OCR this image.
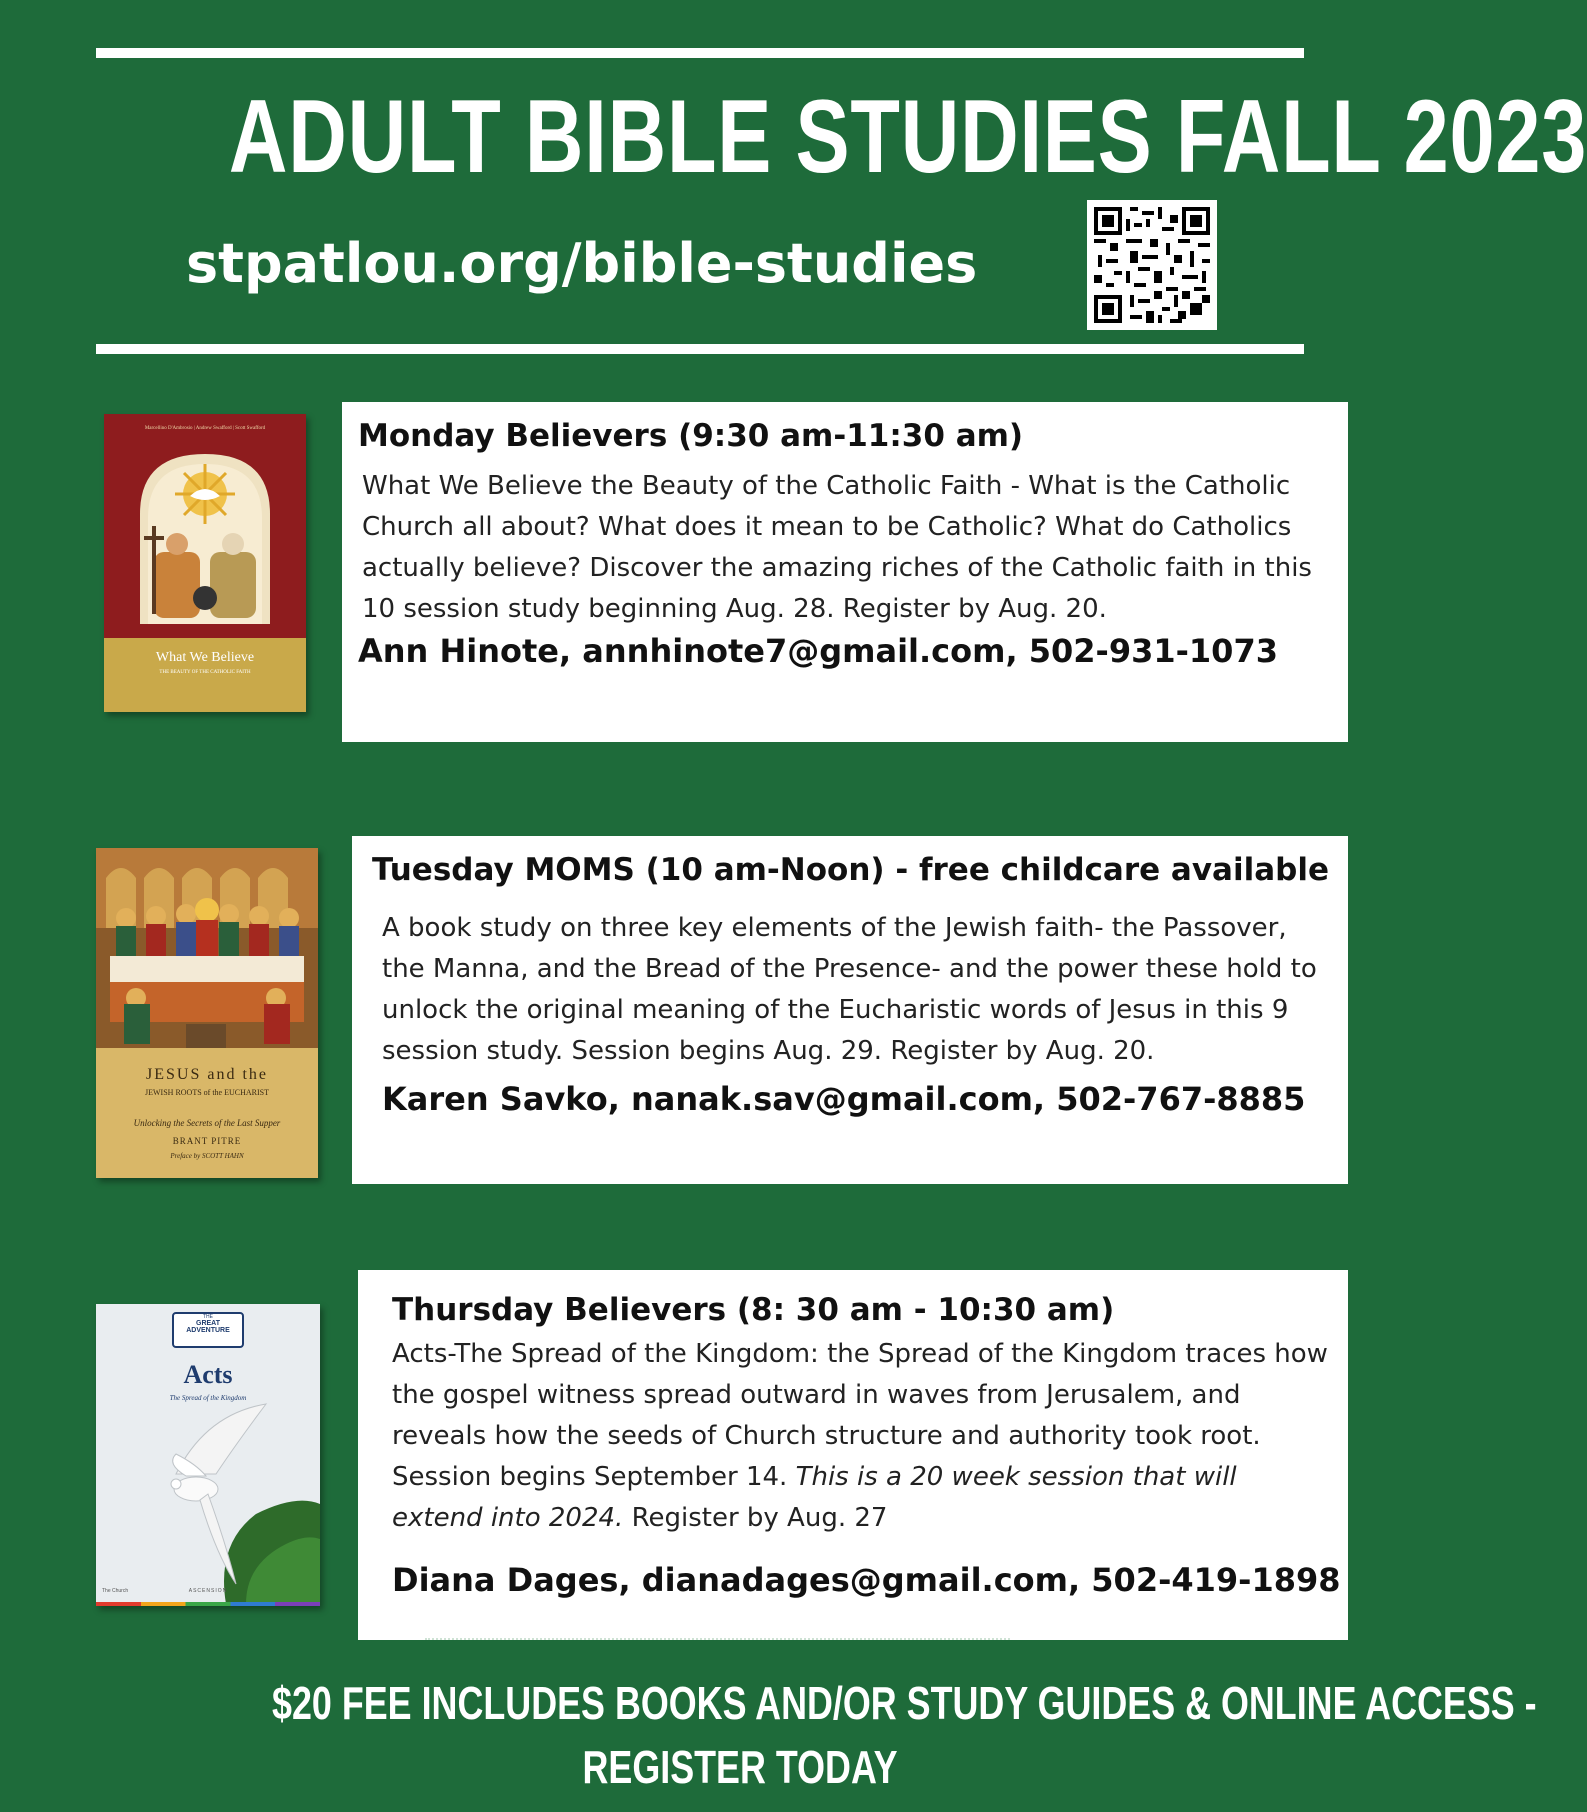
ADULT BIBLE STUDIES FALL 2023
stpatlou.org/bible-studies
Marcellino D'Ambrosio | Andrew Swafford | Scott Swafford
What We Believe
THE BEAUTY OF THE CATHOLIC FAITH
Monday Believers (9:30 am-11:30 am)

What We Believe the Beauty of the Catholic Faith - What is the Catholic Church all about? What does it mean to be Catholic? What do Catholics actually believe? Discover the amazing riches of the Catholic faith in this 10 session study beginning Aug. 28. Register by Aug. 20.

Ann Hinote, annhinote7@gmail.com, 502-931-1073

JESUS and the
JEWISH ROOTS of the EUCHARIST
Unlocking the Secrets of the Last Supper
BRANT PITRE
Preface by SCOTT HAHN
Tuesday MOMS (10 am-Noon) - free childcare available

A book study on three key elements of the Jewish faith- the Passover, the Manna, and the Bread of the Presence- and the power these hold to unlock the original meaning of the Eucharistic words of Jesus in this 9 session study. Session begins Aug. 29. Register by Aug. 20.

Karen Savko, nanak.sav@gmail.com, 502-767-8885

THE
GREAT
ADVENTURE
Acts
The Spread of the Kingdom
The Church	ASCENSION
Thursday Believers (8: 30 am - 10:30 am)

Acts-The Spread of the Kingdom: the Spread of the Kingdom traces how the gospel witness spread outward in waves from Jerusalem, and reveals how the seeds of Church structure and authority took root. Session begins September 14. This is a 20 week session that will extend into 2024. Register by Aug. 27

Diana Dages, dianadages@gmail.com, 502-419-1898

$20 FEE INCLUDES BOOKS AND/OR STUDY GUIDES & ONLINE ACCESS -
REGISTER TODAY
